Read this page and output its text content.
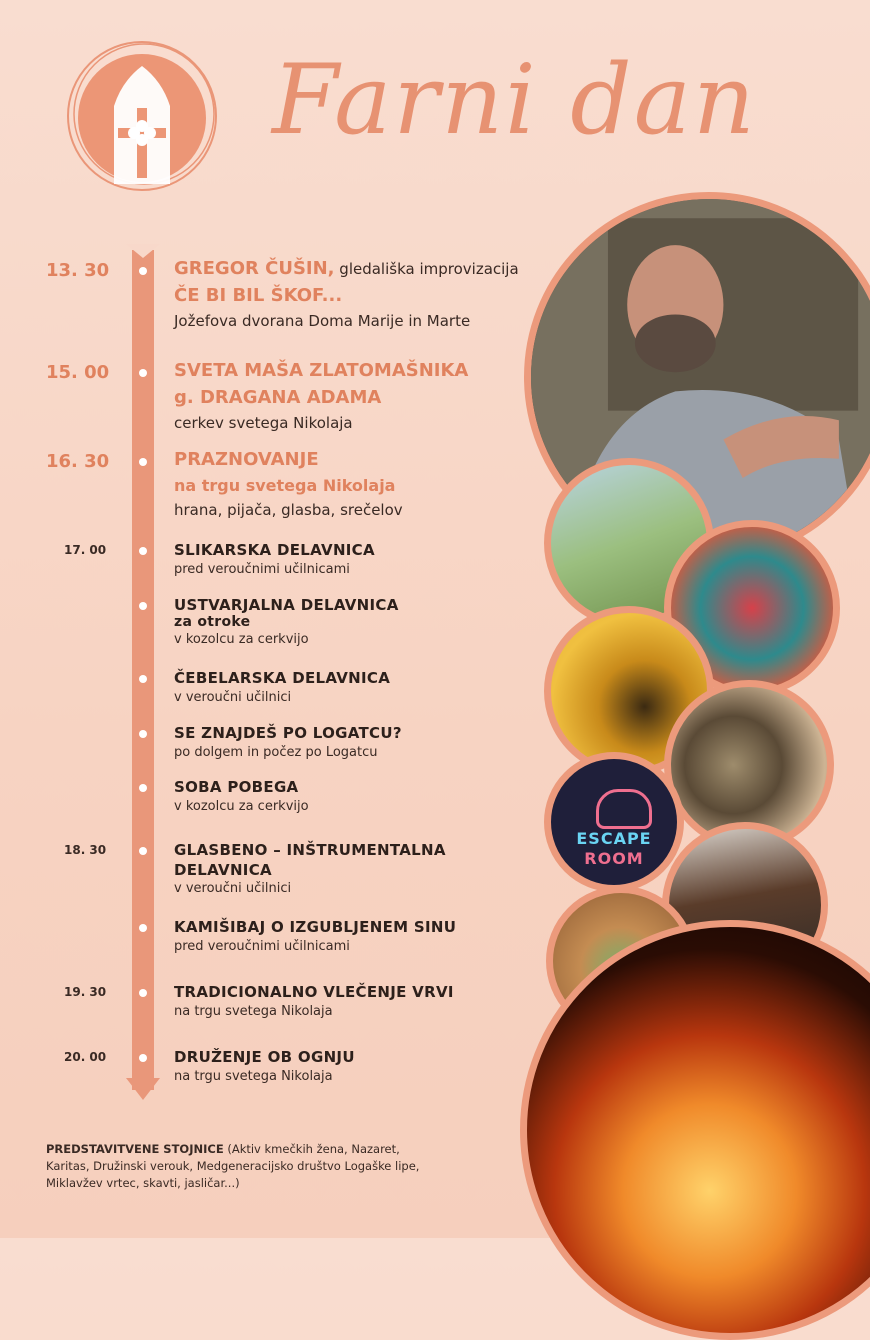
Farni dan
ESCAPE
ROOM
13. 30	GREGOR ČUŠIN, gledališka improvizacija
ČE BI BIL ŠKOF...
Jožefova dvorana Doma Marije in Marte
15. 00	SVETA MAŠA ZLATOMAŠNIKA
g. DRAGANA ADAMA
cerkev svetega Nikolaja
16. 30	PRAZNOVANJE
na trgu svetega Nikolaja
hrana, pijača, glasba, srečelov
17. 00	SLIKARSKA DELAVNICA
pred veroučnimi učilnicami
USTVARJALNA DELAVNICA
za otroke
v kozolcu za cerkvijo
ČEBELARSKA DELAVNICA
v veroučni učilnici
SE ZNAJDEŠ PO LOGATCU?
po dolgem in počez po Logatcu
SOBA POBEGA
v kozolcu za cerkvijo
18. 30	GLASBENO – INŠTRUMENTALNA
DELAVNICA
v veroučni učilnici
KAMIŠIBAJ O IZGUBLJENEM SINU
pred veroučnimi učilnicami
19. 30	TRADICIONALNO VLEČENJE VRVI
na trgu svetega Nikolaja
20. 00	DRUŽENJE OB OGNJU
na trgu svetega Nikolaja
PREDSTAVITVENE STOJNICE (Aktiv kmečkih žena, Nazaret, Karitas, Družinski verouk, Medgeneracijsko društvo Logaške lipe, Miklavžev vrtec, skavti, jasličar...)
